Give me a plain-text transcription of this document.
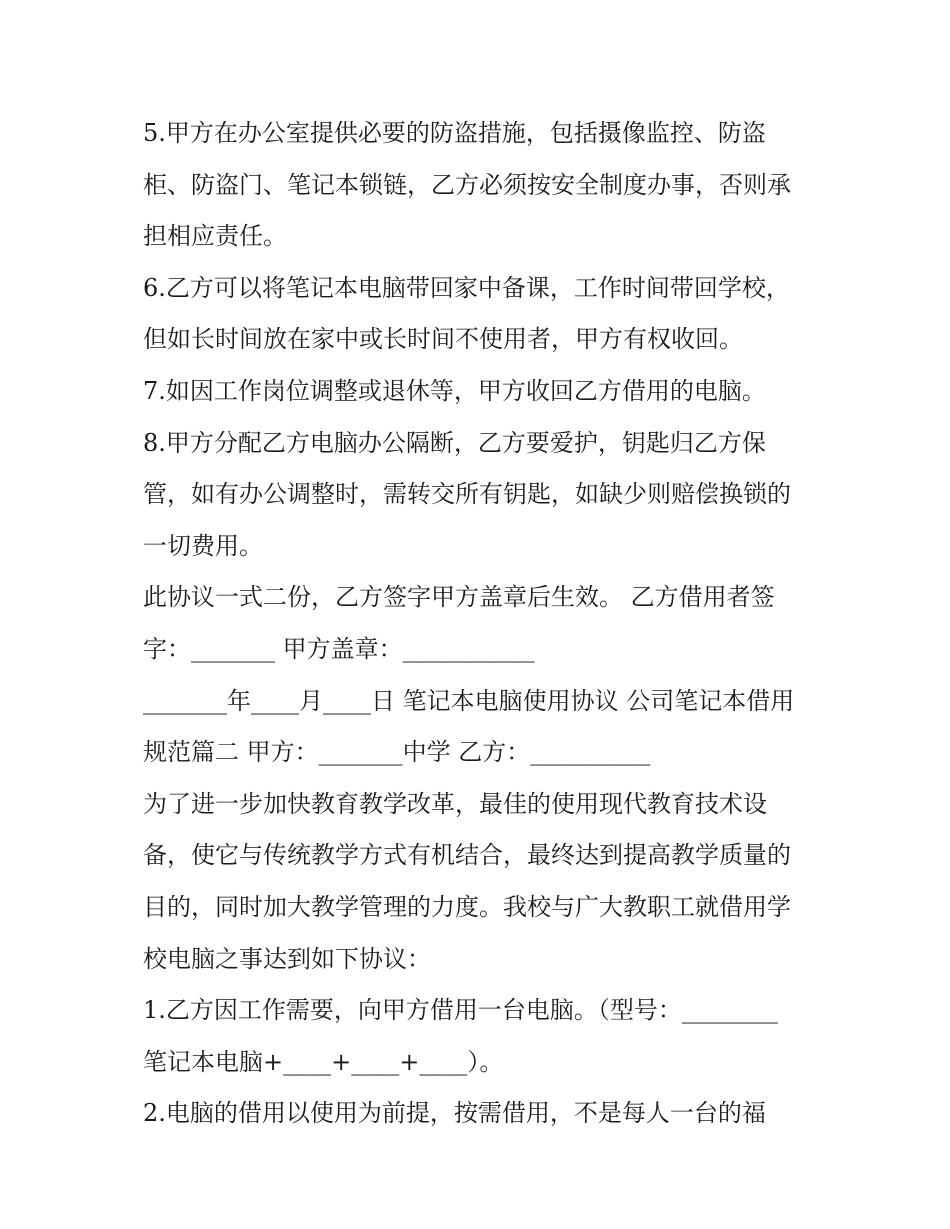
5.甲方在办公室提供必要的防盗措施，包括摄像监控、防盗
柜、防盗门、笔记本锁链，乙方必须按安全制度办事，否则承
担相应责任。
6.乙方可以将笔记本电脑带回家中备课，工作时间带回学校，
但如长时间放在家中或长时间不使用者，甲方有权收回。
7.如因工作岗位调整或退休等，甲方收回乙方借用的电脑。
8.甲方分配乙方电脑办公隔断，乙方要爱护，钥匙归乙方保
管，如有办公调整时，需转交所有钥匙，如缺少则赔偿换锁的
一切费用。
此协议一式二份，乙方签字甲方盖章后生效。 乙方借用者签
字：_______ 甲方盖章：___________
_______年____月____日 笔记本电脑使用协议 公司笔记本借用
规范篇二 甲方：_______中学 乙方：__________
为了进一步加快教育教学改革，最佳的使用现代教育技术设
备，使它与传统教学方式有机结合，最终达到提高教学质量的
目的，同时加大教学管理的力度。我校与广大教职工就借用学
校电脑之事达到如下协议：
1.乙方因工作需要，向甲方借用一台电脑。（型号：________
笔记本电脑+____+____+____）。
2.电脑的借用以使用为前提，按需借用，不是每人一台的福
